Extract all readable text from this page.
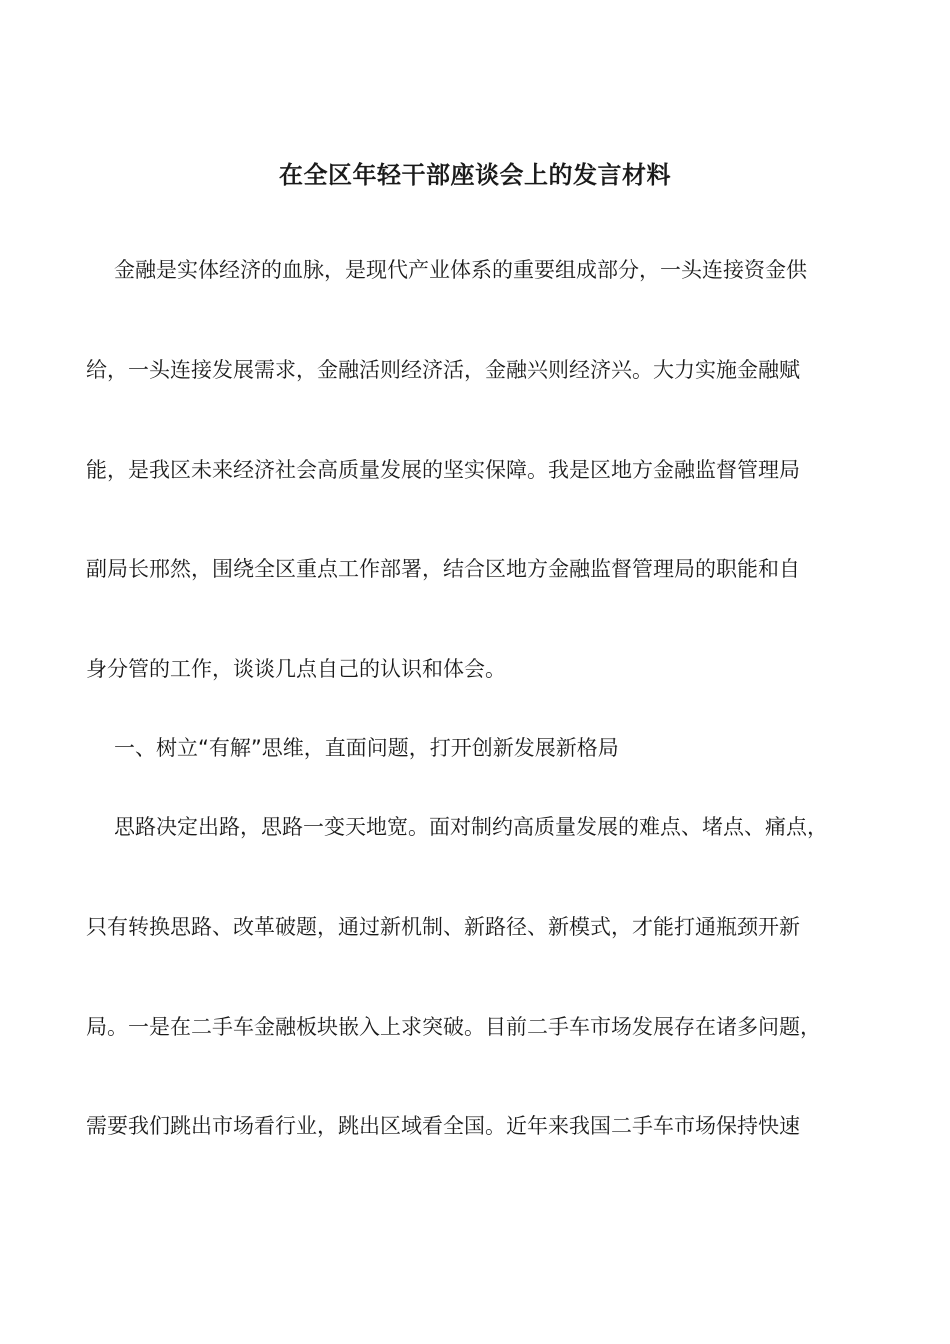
在全区年轻干部座谈会上的发言材料
金融是实体经济的血脉，是现代产业体系的重要组成部分，一头连接资金供
给，一头连接发展需求，金融活则经济活，金融兴则经济兴。大力实施金融赋
能，是我区未来经济社会高质量发展的坚实保障。我是区地方金融监督管理局
副局长邢然，围绕全区重点工作部署，结合区地方金融监督管理局的职能和自
身分管的工作，谈谈几点自己的认识和体会。
一、树立“有解”思维，直面问题，打开创新发展新格局
思路决定出路，思路一变天地宽。面对制约高质量发展的难点、堵点、痛点，
只有转换思路、改革破题，通过新机制、新路径、新模式，才能打通瓶颈开新
局。一是在二手车金融板块嵌入上求突破。目前二手车市场发展存在诸多问题，
需要我们跳出市场看行业，跳出区域看全国。近年来我国二手车市场保持快速
